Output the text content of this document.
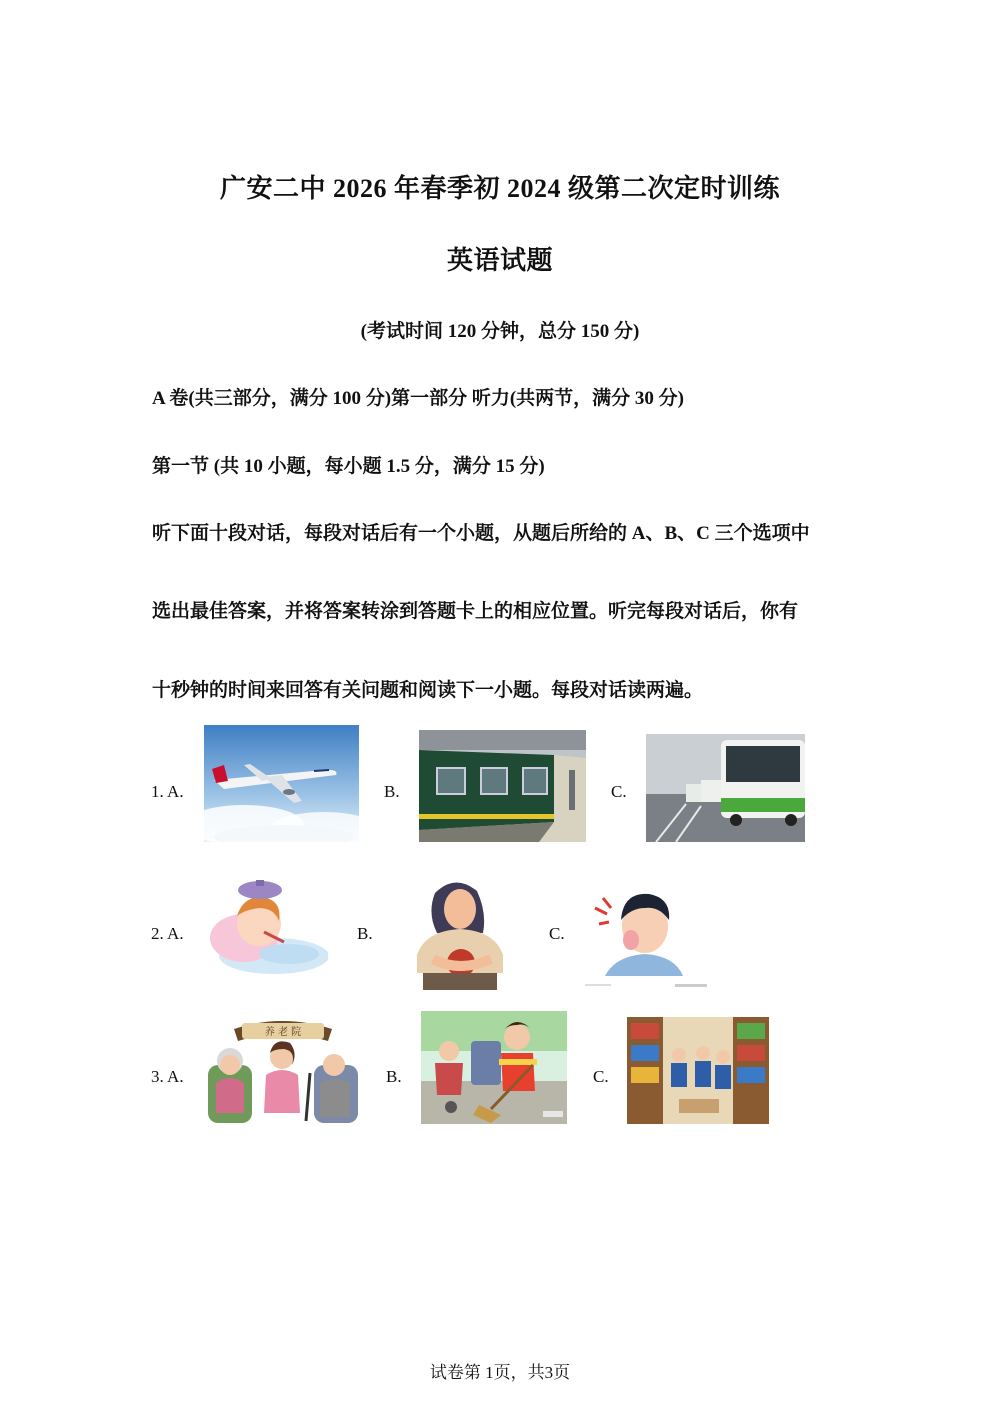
广安二中 2026 年春季初 2024 级第二次定时训练
英语试题
(考试时间 120 分钟，总分 150 分)
A 卷(共三部分，满分 100 分)第一部分 听力(共两节，满分 30 分)
第一节 (共 10 小题，每小题 1.5 分，满分 15 分)
听下面十段对话，每段对话后有一个小题，从题后所给的 A、B、C 三个选项中
选出最佳答案，并将答案转涂到答题卡上的相应位置。听完每段对话后，你有
十秒钟的时间来回答有关问题和阅读下一小题。每段对话读两遍。
1. A.	B.	C.
2. A.	B.	C.
3. A.
养 老 院
B.	C.
试卷第 1页，共3页
